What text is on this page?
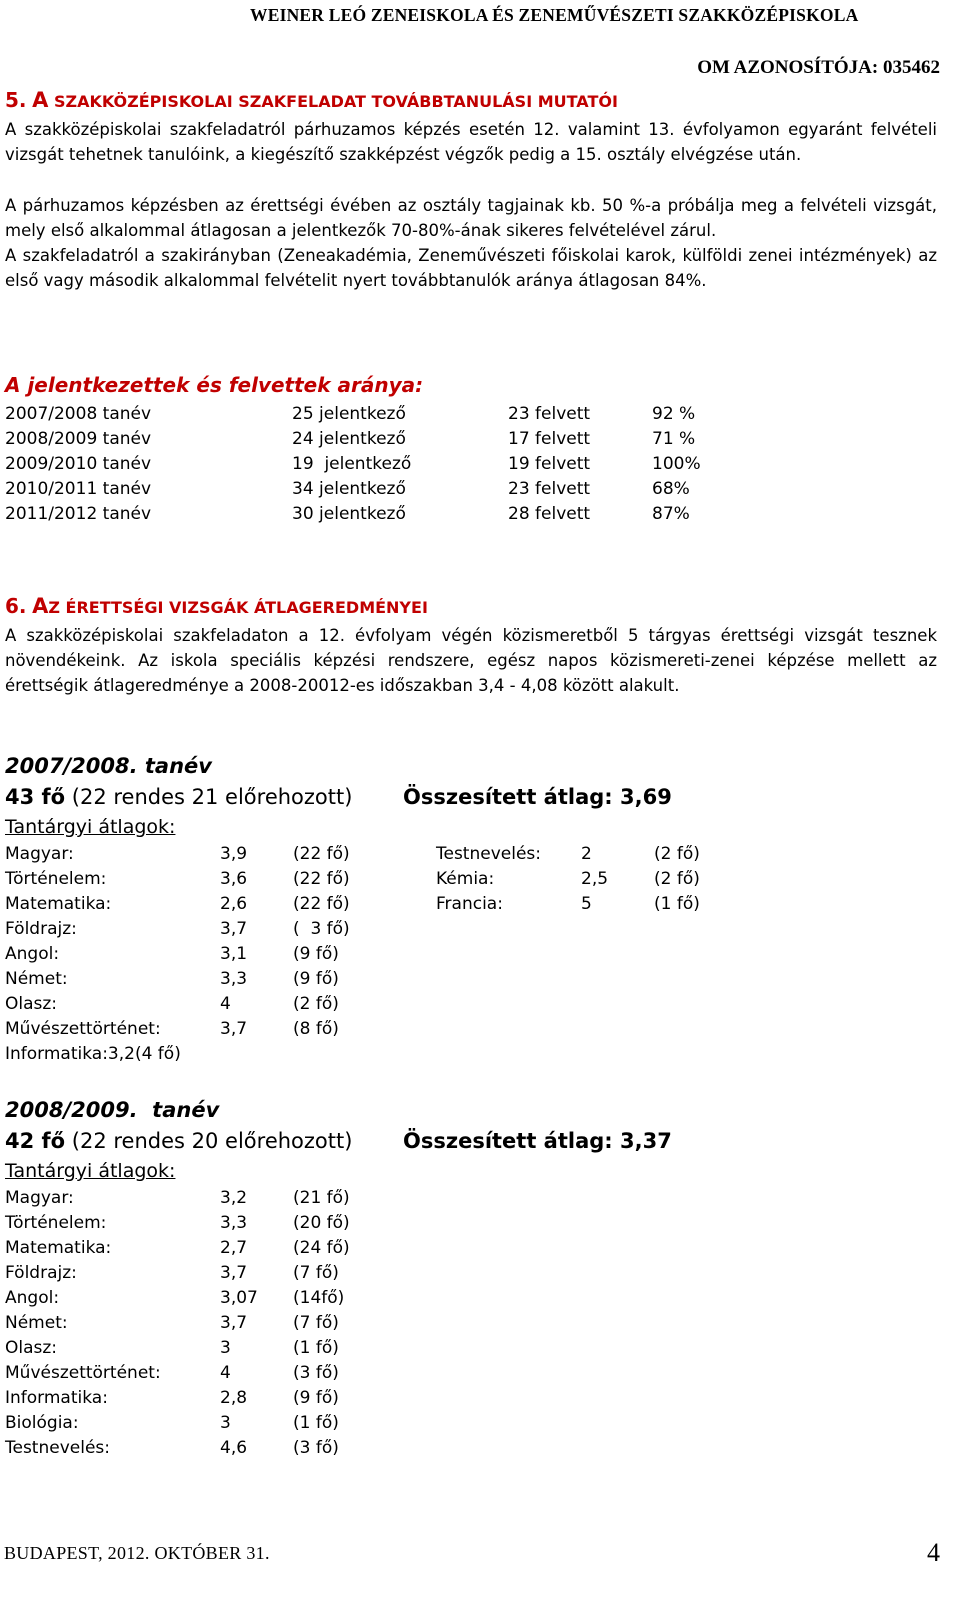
WEINER LEÓ ZENEISKOLA ÉS ZENEMŰVÉSZETI SZAKKÖZÉPISKOLA
OM AZONOSÍTÓJA: 035462
5. A SZAKKÖZÉPISKOLAI SZAKFELADAT TOVÁBBTANULÁSI MUTATÓI
A szakközépiskolai szakfeladatról párhuzamos képzés esetén 12. valamint 13. évfolyamon egyaránt felvételi vizsgát tehetnek tanulóink, a kiegészítő szakképzést végzők pedig a 15. osztály elvégzése után.
A párhuzamos képzésben az érettségi évében az osztály tagjainak kb. 50 %-a próbálja meg a felvételi vizsgát, mely első alkalommal átlagosan a jelentkezők 70-80%-ának sikeres felvételével zárul.
A szakfeladatról a szakirányban (Zeneakadémia, Zeneművészeti főiskolai karok, külföldi zenei intézmények) az első vagy második alkalommal felvételit nyert továbbtanulók aránya átlagosan 84%.
A jelentkezettek és felvettek aránya:
2007/2008 tanév	25 jelentkező	23 felvett	92 %
2008/2009 tanév	24 jelentkező	17 felvett	71 %
2009/2010 tanév	19  jelentkező	19 felvett	100%
2010/2011 tanév	34 jelentkező	23 felvett	68%
2011/2012 tanév	30 jelentkező	28 felvett	87%
6. AZ ÉRETTSÉGI VIZSGÁK ÁTLAGEREDMÉNYEI
A szakközépiskolai szakfeladaton a 12. évfolyam végén közismeretből 5 tárgyas érettségi vizsgát tesznek növendékeink. Az iskola speciális képzési rendszere, egész napos közismereti-zenei képzése mellett az érettségik átlageredménye a 2008-20012-es időszakban 3,4 - 4,08 között alakult.
2007/2008. tanév
43 fő (22 rendes 21 előrehozott) Összesített átlag: 3,69
Tantárgyi átlagok:
Magyar:	3,9	(22 fő)
Történelem:	3,6	(22 fő)
Matematika:	2,6	(22 fő)
Földrajz:	3,7	(  3 fő)
Angol:	3,1	(9 fő)
Német:	3,3	(9 fő)
Olasz:	4	(2 fő)
Művészettörténet:	3,7	(8 fő)
Informatika:3,2(4 fő)
Testnevelés: 2	(2 fő)
Kémia:	2,5	(2 fő)
Francia:	5	(1 fő)
2008/2009.  tanév
42 fő (22 rendes 20 előrehozott) Összesített átlag: 3,37
Tantárgyi átlagok:
Magyar:	3,2	(21 fő)
Történelem:	3,3	(20 fő)
Matematika:	2,7	(24 fő)
Földrajz:	3,7	(7 fő)
Angol:	3,07 (14fő)
Német:	3,7	(7 fő)
Olasz:	3	(1 fő)
Művészettörténet:	4	(3 fő)
Informatika:	2,8	(9 fő)
Biológia:	3	(1 fő)
Testnevelés:	4,6	(3 fő)
BUDAPEST, 2012. OKTÓBER 31.	4
